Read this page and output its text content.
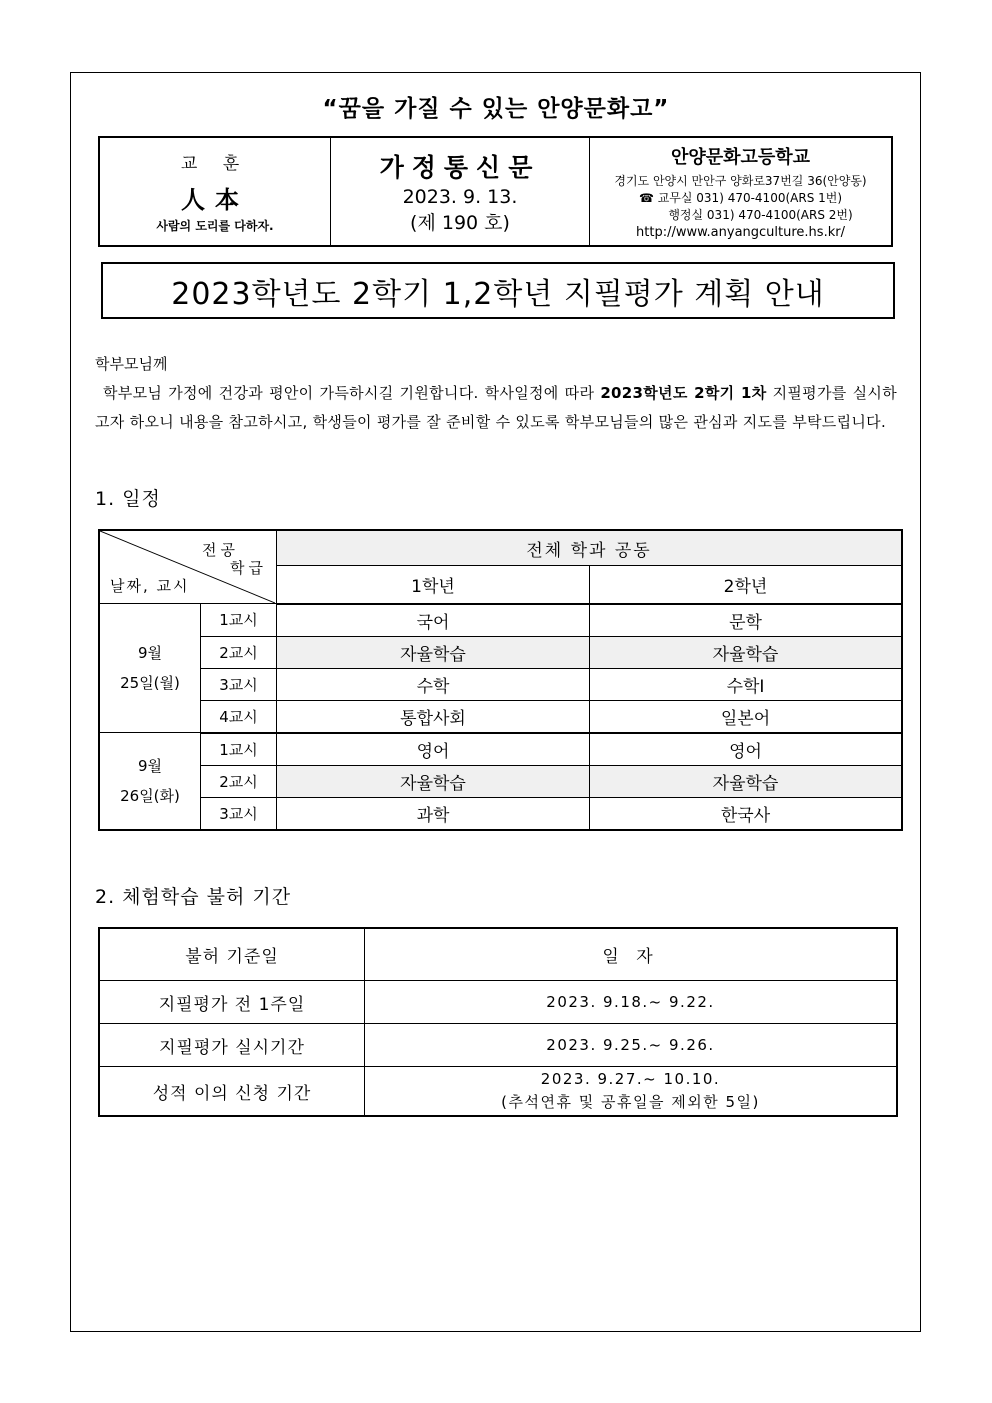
“꿈을 가질 수 있는 안양문화고”
교 훈
人本
사람의 도리를 다하자.

가정통신문
2023. 9. 13.
(제 190 호)

안양문화고등학교
경기도 안양시 만안구 양화로37번길 36(안양동)
☎ 교무실 031) 470-4100(ARS 1번)
행정실 031) 470-4100(ARS 2번)
http://www.anyangculture.hs.kr/
2023학년도 2학기 1,2학년 지필평가 계획 안내
학부모님께
학부모님 가정에 건강과 평안이 가득하시길 기원합니다. 학사일정에 따라 2023학년도 2학기 1차 지필평가를 실시하고자 하오니 내용을 참고하시고, 학생들이 평가를 잘 준비할 수 있도록 학부모님들의 많은 관심과 지도를 부탁드립니다.
1. 일정
전공
학급
날짜, 교시		전체 학과 공동	
		1학년	2학년

9월
25일(월)	1교시	국어	문학
	2교시	자율학습	자율학습
	3교시	수학	수학Ⅰ
	4교시	통합사회	일본어

9월
26일(화)	1교시	영어	영어
	2교시	자율학습	자율학습
	3교시	과학	한국사
2. 체험학습 불허 기간
불허 기준일	일 자
지필평가 전 1주일	2023. 9.18.~ 9.22.
지필평가 실시기간	2023. 9.25.~ 9.26.
성적 이의 신청 기간	2023. 9.27.~ 10.10.
(추석연휴 및 공휴일을 제외한 5일)
